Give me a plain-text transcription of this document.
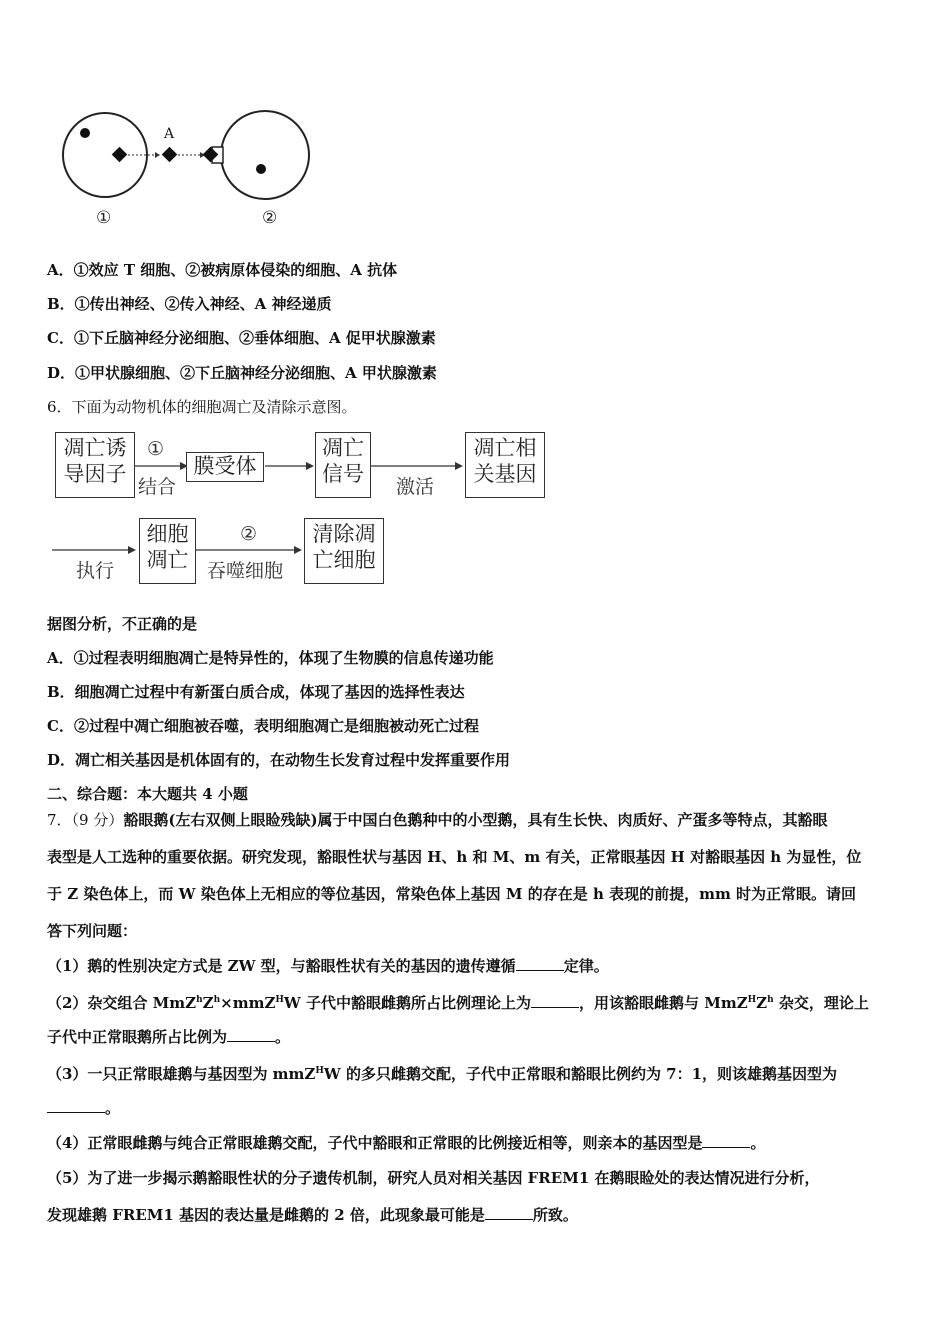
A
①	②
A．①效应 T 细胞、②被病原体侵染的细胞、A 抗体
B．①传出神经、②传入神经、A 神经递质
C．①下丘脑神经分泌细胞、②垂体细胞、A 促甲状腺激素
D．①甲状腺细胞、②下丘脑神经分泌细胞、A 甲状腺激素
6．下面为动物机体的细胞凋亡及清除示意图。
凋亡诱
导因子
①
结合
膜受体
凋亡
信号
激活
凋亡相
关基因
执行
细胞
凋亡
②
吞噬细胞
清除凋
亡细胞
据图分析，不正确的是
A．①过程表明细胞凋亡是特异性的，体现了生物膜的信息传递功能
B．细胞凋亡过程中有新蛋白质合成，体现了基因的选择性表达
C．②过程中凋亡细胞被吞噬，表明细胞凋亡是细胞被动死亡过程
D．凋亡相关基因是机体固有的，在动物生长发育过程中发挥重要作用
二、综合题：本大题共 4 小题
7．（9 分）豁眼鹅(左右双侧上眼睑残缺)属于中国白色鹅种中的小型鹅，具有生长快、肉质好、产蛋多等特点，其豁眼
表型是人工选种的重要依据。研究发现，豁眼性状与基因 H、h 和 M、m 有关，正常眼基因 H 对豁眼基因 h 为显性，位
于 Z 染色体上，而 W 染色体上无相应的等位基因，常染色体上基因 M 的存在是 h 表现的前提，mm 时为正常眼。请回
答下列问题：
（1）鹅的性别决定方式是 ZW 型，与豁眼性状有关的基因的遗传遵循	定律。
（2）杂交组合 $MmZ^hZ^h\times mmZ^HW$ 子代中豁眼雌鹅所占比例理论上为	，用该豁眼雌鹅与 $MmZ^HZ^h$ 杂交，理论上
子代中正常眼鹅所占比例为	。
（3）一只正常眼雄鹅与基因型为 mmZ$^H$W 的多只雌鹅交配，子代中正常眼和豁眼比例约为 7：1，则该雄鹅基因型为
。
（4）正常眼雌鹅与纯合正常眼雄鹅交配，子代中豁眼和正常眼的比例接近相等，则亲本的基因型是	。
（5）为了进一步揭示鹅豁眼性状的分子遗传机制，研究人员对相关基因 FREM1 在鹅眼睑处的表达情况进行分析，
发现雄鹅 FREM1 基因的表达量是雌鹅的 2 倍，此现象最可能是	所致。
